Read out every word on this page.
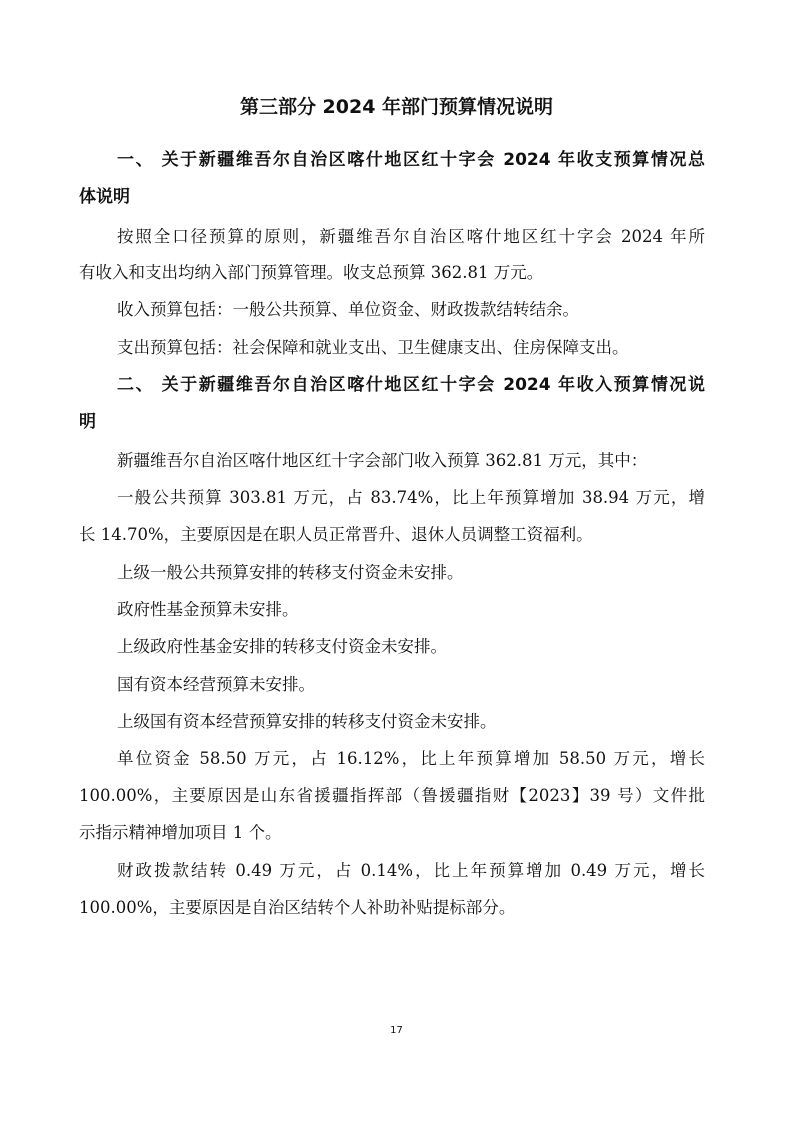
第三部分 2024 年部门预算情况说明
一、 关于新疆维吾尔自治区喀什地区红十字会 2024 年收支预算情况总
体说明
按照全口径预算的原则，新疆维吾尔自治区喀什地区红十字会 2024 年所
有收入和支出均纳入部门预算管理。收支总预算 362.81 万元。
收入预算包括：一般公共预算、单位资金、财政拨款结转结余。
支出预算包括：社会保障和就业支出、卫生健康支出、住房保障支出。
二、 关于新疆维吾尔自治区喀什地区红十字会 2024 年收入预算情况说
明
新疆维吾尔自治区喀什地区红十字会部门收入预算 362.81 万元，其中：
一般公共预算 303.81 万元，占 83.74%，比上年预算增加 38.94 万元，增
长 14.70%，主要原因是在职人员正常晋升、退休人员调整工资福利。
上级一般公共预算安排的转移支付资金未安排。
政府性基金预算未安排。
上级政府性基金安排的转移支付资金未安排。
国有资本经营预算未安排。
上级国有资本经营预算安排的转移支付资金未安排。
单位资金 58.50 万元，占 16.12%，比上年预算增加 58.50 万元，增长
100.00%，主要原因是山东省援疆指挥部（鲁援疆指财【2023】39 号）文件批
示指示精神增加项目 1 个。
财政拨款结转 0.49 万元，占 0.14%，比上年预算增加 0.49 万元，增长
100.00%，主要原因是自治区结转个人补助补贴提标部分。
17
